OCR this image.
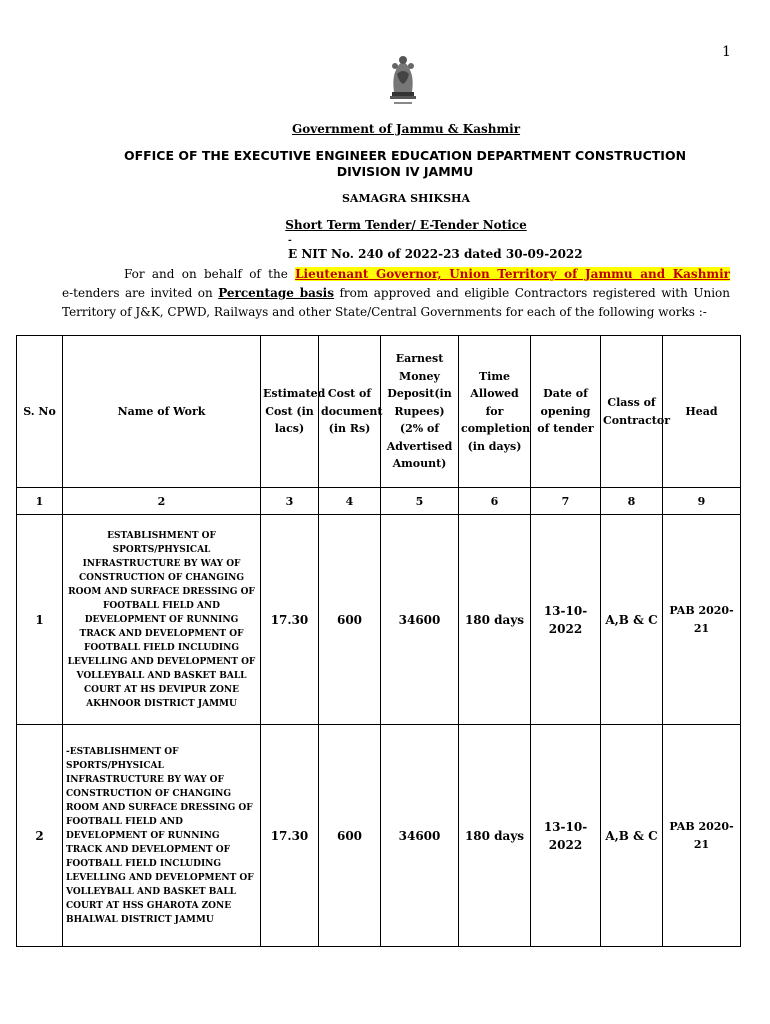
1
Government of Jammu & Kashmir
OFFICE OF THE EXECUTIVE ENGINEER EDUCATION DEPARTMENT CONSTRUCTION DIVISION IV JAMMU
SAMAGRA SHIKSHA
Short Term Tender/ E-Tender Notice
-
E NIT No. 240 of 2022-23 dated 30-09-2022
For and on behalf of the Lieutenant Governor, Union Territory of Jammu and Kashmir
e-tenders are invited on Percentage basis from approved and eligible Contractors registered with Union Territory of J&K, CPWD, Railways and other State/Central Governments for each of the following works :-
S. No	Name of Work	Estimated Cost (in lacs)	Cost of document (in Rs)	Earnest Money Deposit(in Rupees) (2% of Advertised Amount)	Time Allowed for completion (in days)	Date of opening of tender	Class of Contractor	Head
1	2	3	4	5	6	7	8	9
1	ESTABLISHMENT OF SPORTS/PHYSICAL INFRASTRUCTURE BY WAY OF CONSTRUCTION OF CHANGING ROOM AND SURFACE DRESSING OF FOOTBALL FIELD AND DEVELOPMENT OF RUNNING TRACK AND DEVELOPMENT OF FOOTBALL FIELD INCLUDING LEVELLING AND DEVELOPMENT OF VOLLEYBALL AND BASKET BALL COURT AT HS DEVIPUR ZONE AKHNOOR DISTRICT JAMMU	17.30	600	34600	180 days	13-10-2022	A,B & C	PAB 2020-21
2	-ESTABLISHMENT OF SPORTS/PHYSICAL INFRASTRUCTURE BY WAY OF CONSTRUCTION OF CHANGING ROOM AND SURFACE DRESSING OF FOOTBALL FIELD AND DEVELOPMENT OF RUNNING TRACK AND DEVELOPMENT OF FOOTBALL FIELD INCLUDING LEVELLING AND DEVELOPMENT OF VOLLEYBALL AND BASKET BALL COURT AT HSS GHAROTA ZONE BHALWAL DISTRICT JAMMU	17.30	600	34600	180 days	13-10-2022	A,B & C	PAB 2020-21
